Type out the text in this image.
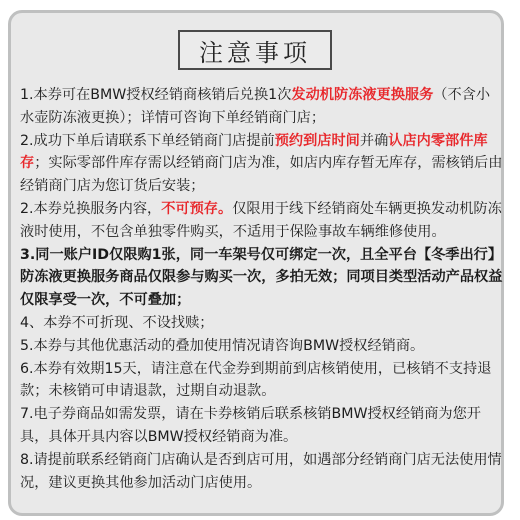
注意事项

1.本券可在BMW授权经销商核销后兑换1次发动机防冻液更换服务（不含小水壶防冻液更换）；详情可咨询下单经销商门店；

2.成功下单后请联系下单经销商门店提前预约到店时间并确认店内零部件库存；实际零部件库存需以经销商门店为准，如店内库存暂无库存，需核销后由经销商门店为您订货后安装；

2.本券兑换服务内容，不可预存。仅限用于线下经销商处车辆更换发动机防冻液时使用，不包含单独零件购买，不适用于保险事故车辆维修使用。

3.同一账户ID仅限购1张，同一车架号仅可绑定一次，且全平台【冬季出行】防冻液更换服务商品仅限参与购买一次，多拍无效；同项目类型活动产品权益仅限享受一次，不可叠加；

4、本券不可折现、不设找赎；

5.本券与其他优惠活动的叠加使用情况请咨询BMW授权经销商。

6.本券有效期15天，请注意在代金券到期前到店核销使用，已核销不支持退款；未核销可申请退款，过期自动退款。

7.电子券商品如需发票，请在卡券核销后联系核销BMW授权经销商为您开具，具体开具内容以BMW授权经销商为准。

8.请提前联系经销商门店确认是否到店可用，如遇部分经销商门店无法使用情况，建议更换其他参加活动门店使用。
